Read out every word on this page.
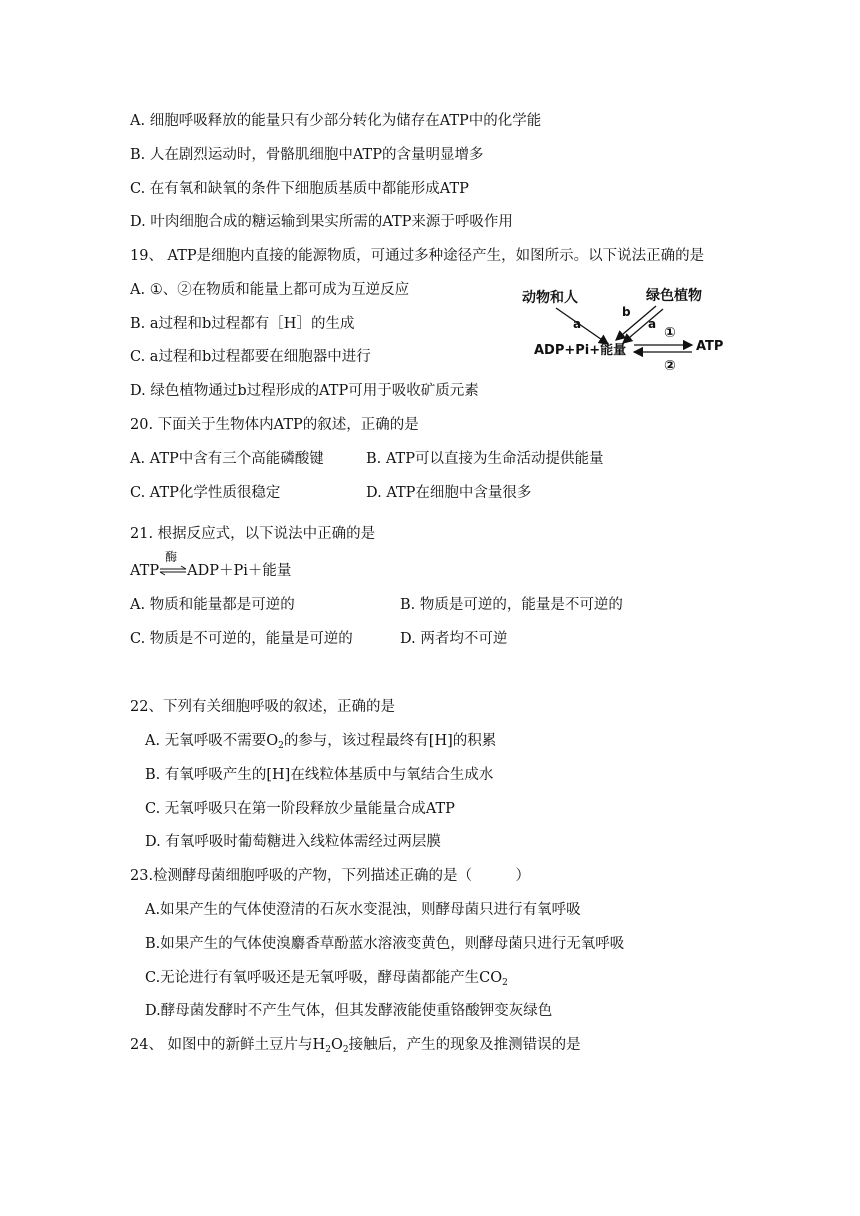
A. 细胞呼吸释放的能量只有少部分转化为储存在ATP中的化学能
B. 人在剧烈运动时，骨骼肌细胞中ATP的含量明显增多
C. 在有氧和缺氧的条件下细胞质基质中都能形成ATP
D. 叶肉细胞合成的糖运输到果实所需的ATP来源于呼吸作用
19、 ATP是细胞内直接的能源物质，可通过多种途径产生，如图所示。以下说法正确的是
A. ①、②在物质和能量上都可成为互逆反应
B. a过程和b过程都有［H］的生成
C. a过程和b过程都要在细胞器中进行
D. 绿色植物通过b过程形成的ATP可用于吸收矿质元素
动物和人	绿色植物
a
b
a
ADP+Pi+能量	ATP
①
②
20. 下面关于生物体内ATP的叙述，正确的是
A. ATP中含有三个高能磷酸键	B. ATP可以直接为生命活动提供能量
C. ATP化学性质很稳定	D. ATP在细胞中含量很多
21. 根据反应式，以下说法中正确的是
ATP
酶
ADP＋Pi＋能量
A. 物质和能量都是可逆的	B. 物质是可逆的，能量是不可逆的
C. 物质是不可逆的，能量是可逆的	D. 两者均不可逆
22、下列有关细胞呼吸的叙述，正确的是
A. 无氧呼吸不需要$O_2$的参与，该过程最终有[H]的积累
B. 有氧呼吸产生的[H]在线粒体基质中与氧结合生成水
C. 无氧呼吸只在第一阶段释放少量能量合成ATP
D. 有氧呼吸时葡萄糖进入线粒体需经过两层膜
23.检测酵母菌细胞呼吸的产物，下列描述正确的是（　　　）
A.如果产生的气体使澄清的石灰水变混浊，则酵母菌只进行有氧呼吸
B.如果产生的气体使溴麝香草酚蓝水溶液变黄色，则酵母菌只进行无氧呼吸
C.无论进行有氧呼吸还是无氧呼吸，酵母菌都能产生$CO_2$
D.酵母菌发酵时不产生气体，但其发酵液能使重铬酸钾变灰绿色
24、 如图中的新鲜土豆片与$H_2O_2$接触后，产生的现象及推测错误的是
